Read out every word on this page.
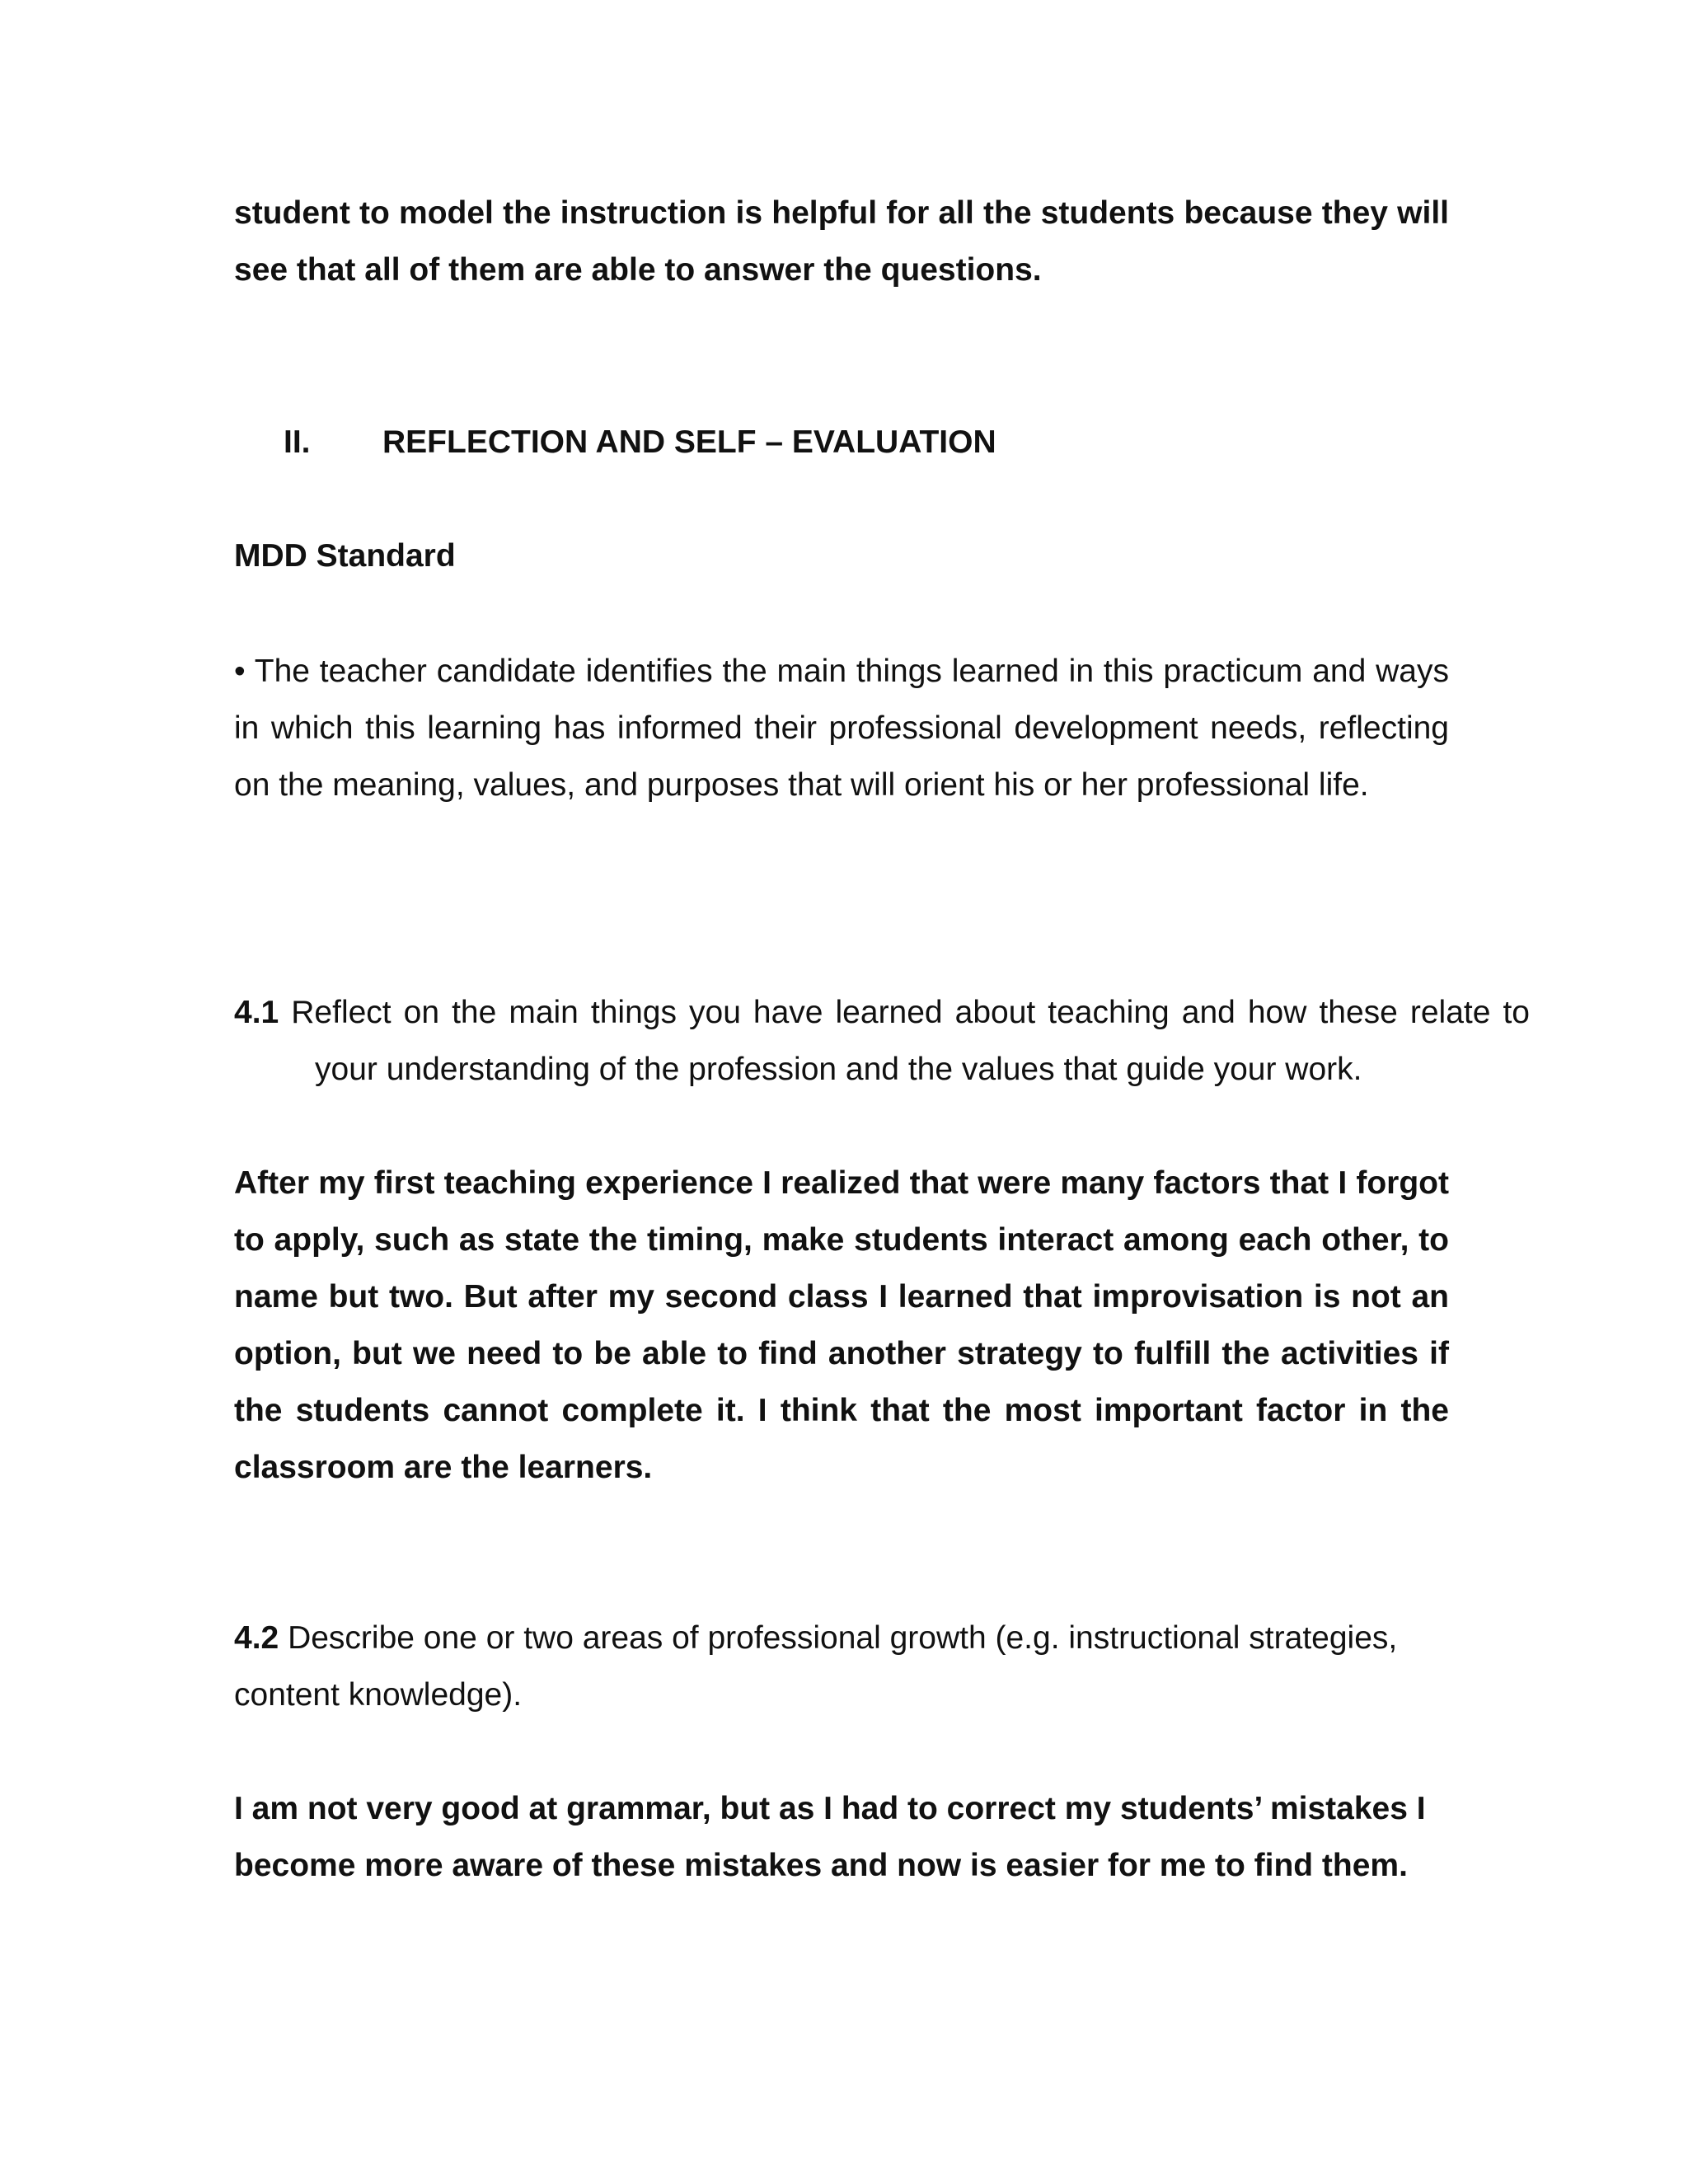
student to model the instruction is helpful for all the students because they will see that all of them are able to answer the questions.

II. REFLECTION AND SELF – EVALUATION

MDD Standard

• The teacher candidate identifies the main things learned in this practicum and ways in which this learning has informed their professional development needs, reflecting on the meaning, values, and purposes that will orient his or her professional life.

4.1 Reflect on the main things you have learned about teaching and how these relate to your understanding of the profession and the values that guide your work.

After my first teaching experience I realized that were many factors that I forgot to apply, such as state the timing, make students interact among each other, to name but two. But after my second class I learned that improvisation is not an option, but we need to be able to find another strategy to fulfill the activities if the students cannot complete it. I think that the most important factor in the classroom are the learners.

4.2 Describe one or two areas of professional growth (e.g. instructional strategies, content knowledge).

I am not very good at grammar, but as I had to correct my students’ mistakes I become more aware of these mistakes and now is easier for me to find them.
